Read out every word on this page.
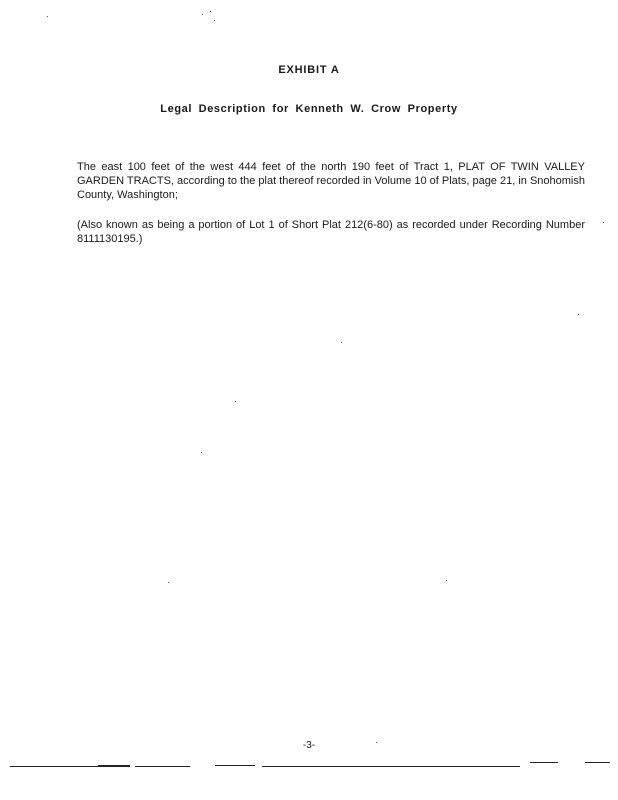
EXHIBIT A
Legal Description for Kenneth W. Crow Property
The east 100 feet of the west 444 feet of the north 190 feet of Tract 1, PLAT OF TWIN VALLEY GARDEN TRACTS, according to the plat thereof recorded in Volume 10 of Plats, page 21, in Snohomish County, Washington;
(Also known as being a portion of Lot 1 of Short Plat 212(6-80) as recorded under Recording Number 8111130195.)
-3-
